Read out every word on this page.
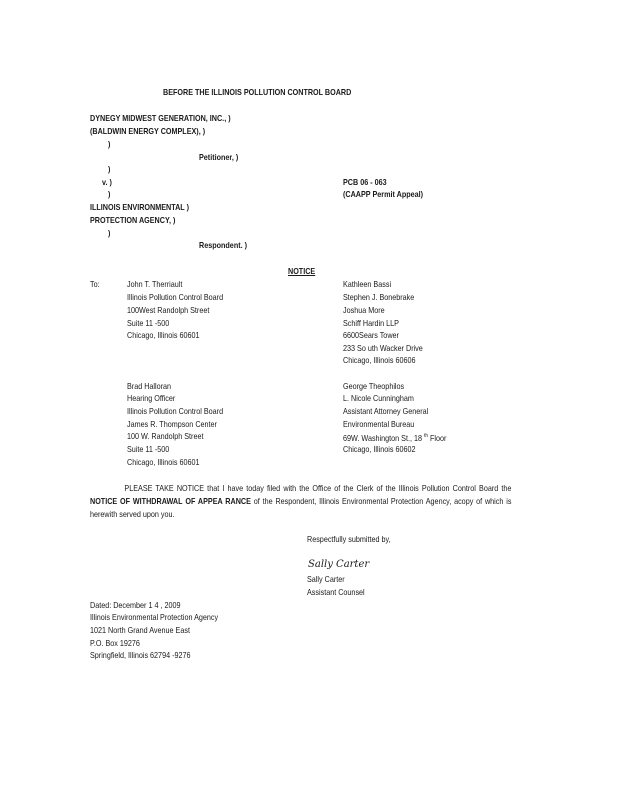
BEFORE THE ILLINOIS POLLUTION CONTROL BOARD
DYNEGY MIDWEST GENERATION, INC., )
(BALDWIN ENERGY COMPLEX), )
)
Petitioner, )
)
v. )
)
ILLINOIS ENVIRONMENTAL )
PROTECTION AGENCY, )
)
Respondent. )
PCB 06 - 063
(CAAPP Permit Appeal)
NOTICE
To:	John T. Therriault
Illinois Pollution Control Board
100West Randolph Street
Suite 11 -500
Chicago, Illinois 60601
Kathleen Bassi
Stephen J. Bonebrake
Joshua More
Schiff Hardin LLP
6600Sears Tower
233 So uth Wacker Drive
Chicago, Illinois 60606
Brad Halloran
Hearing Officer
Illinois Pollution Control Board
James R. Thompson Center
100 W. Randolph Street
Suite 11 -500
Chicago, Illinois 60601
George Theophilos
L. Nicole Cunningham
Assistant Attorney General
Environmental Bureau
69W. Washington St., 18 $^{th}$ Floor
Chicago, Illinois 60602
PLEASE TAKE NOTICE that I have today filed with the Office of the Clerk of the Illinois Pollution Control Board the NOTICE OF WITHDRAWAL OF APPEA RANCE of the Respondent, Illinois Environmental Protection Agency, acopy of which is herewith served upon you.
Respectfully submitted by,
Sally Carter
Sally Carter
Assistant Counsel
Dated: December 1 4 , 2009
Illinois Environmental Protection Agency
1021 North Grand Avenue East
P.O. Box 19276
Springfield, Illinois 62794 -9276
